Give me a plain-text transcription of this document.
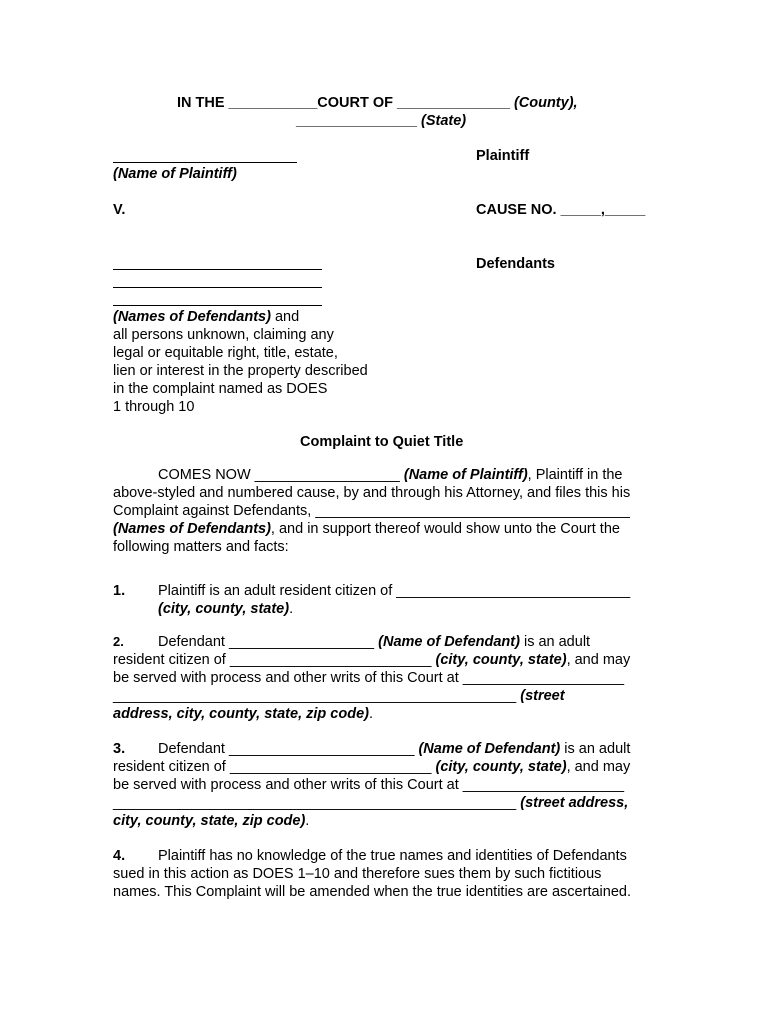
IN THE ___________COURT OF ______________ (County),
_______________ (State)
(Name of Plaintiff)
Plaintiff
V.	CAUSE NO. _____,_____
Defendants
(Names of Defendants) and
all persons unknown, claiming any
legal or equitable right, title, estate,
lien or interest in the property described
in the complaint named as DOES
1 through 10
Complaint to Quiet Title
COMES NOW __________________ (Name of Plaintiff), Plaintiff in the
above-styled and numbered cause, by and through his Attorney, and files this his
Complaint against Defendants, _______________________________________
(Names of Defendants), and in support thereof would show unto the Court the
following matters and facts:
1. Plaintiff is an adult resident citizen of _____________________________
(city, county, state).
2. Defendant __________________ (Name of Defendant) is an adult
resident citizen of _________________________ (city, county, state), and may
be served with process and other writs of this Court at ____________________
__________________________________________________ (street
address, city, county, state, zip code).
3. Defendant _______________________ (Name of Defendant) is an adult
resident citizen of _________________________ (city, county, state), and may
be served with process and other writs of this Court at ____________________
__________________________________________________ (street address,
city, county, state, zip code).
4. Plaintiff has no knowledge of the true names and identities of Defendants
sued in this action as DOES 1–10 and therefore sues them by such fictitious
names. This Complaint will be amended when the true identities are ascertained.
